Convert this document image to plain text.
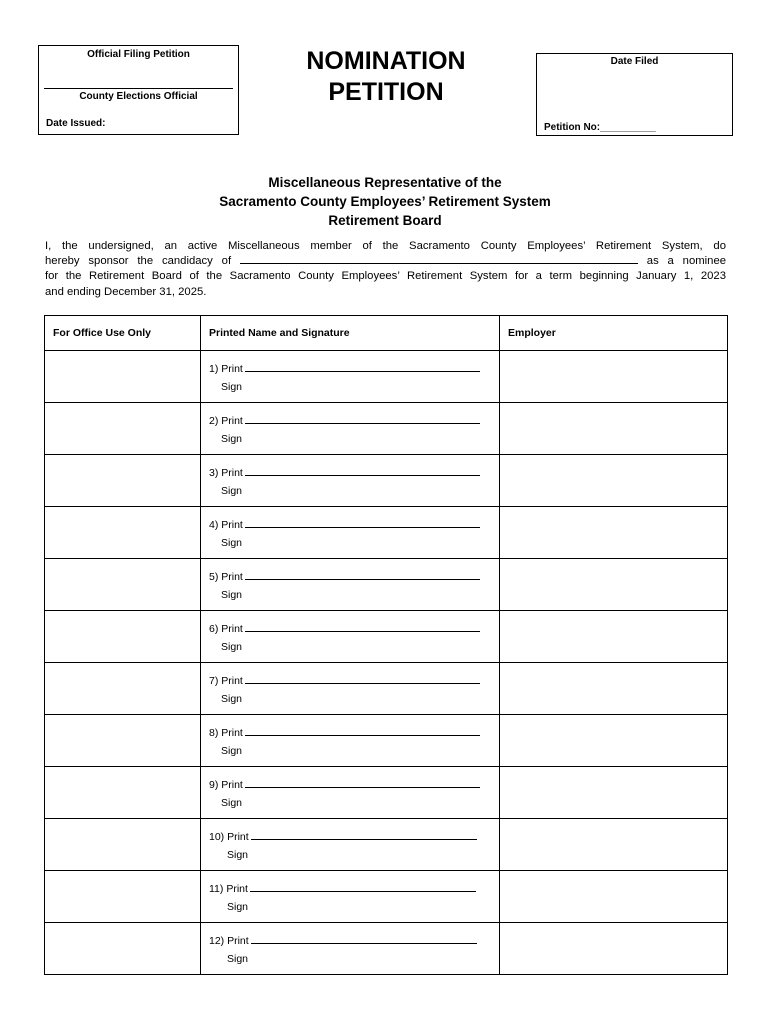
Official Filing Petition
County Elections Official
Date Issued:
NOMINATION
PETITION
Date Filed
Petition No:__________
Miscellaneous Representative of the
Sacramento County Employees’ Retirement System
Retirement Board
I, the undersigned, an active Miscellaneous member of the Sacramento County Employees’ Retirement System, do
hereby sponsor the candidacy of	as a nominee
for the Retirement Board of the Sacramento County Employees’ Retirement System for a term beginning January 1, 2023
and ending December 31, 2025.
For Office Use Only	Printed Name and Signature	Employer

	1) Print
Sign	

	2) Print
Sign	

	3) Print
Sign	

	4) Print
Sign	

	5) Print
Sign	

	6) Print
Sign	

	7) Print
Sign	

	8) Print
Sign	

	9) Print
Sign	

	10) Print
Sign	

	11) Print
Sign	

	12) Print
Sign	
